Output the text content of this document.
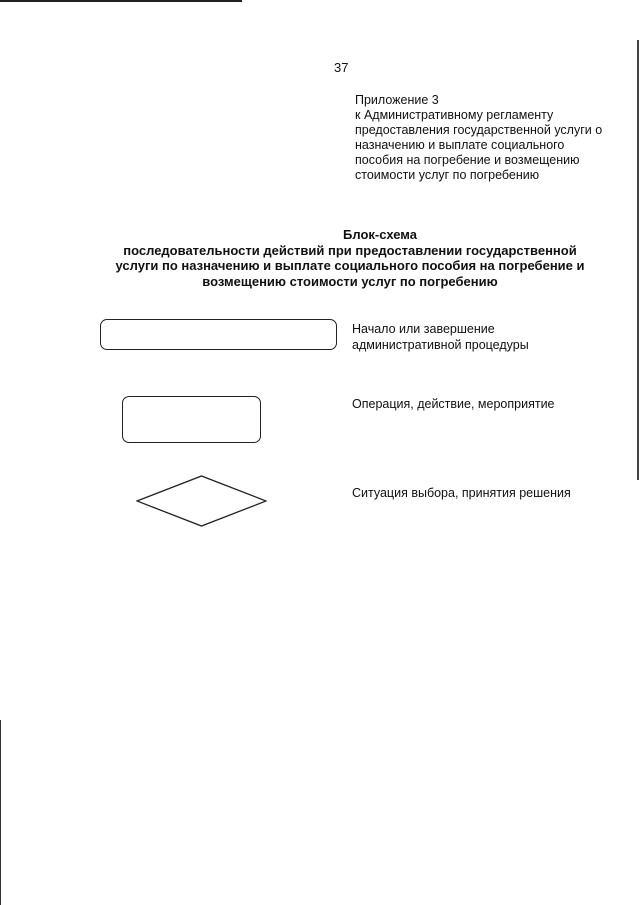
37
Приложение 3
к Административному регламенту
предоставления государственной услуги о
назначению и выплате социального
пособия на погребение и возмещению
стоимости услуг по погребению
Блок-схема
последовательности действий при предоставлении государственной
услуги по назначению и выплате социального пособия на погребение и
возмещению стоимости услуг по погребению
Начало или завершение
административной процедуры
Операция, действие, мероприятие
Ситуация выбора, принятия решения
